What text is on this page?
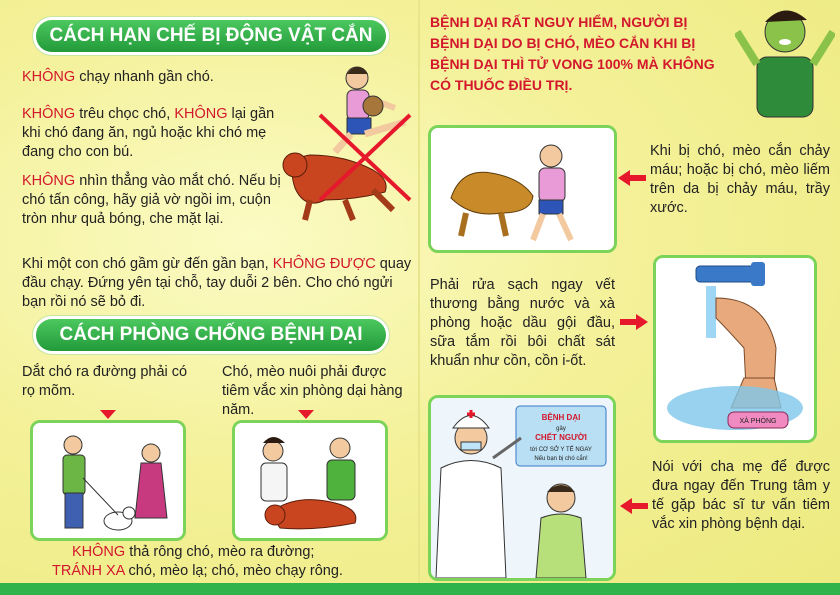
CÁCH HẠN CHẾ BỊ ĐỘNG VẬT CẮN
KHÔNG chạy nhanh gần chó.
KHÔNG trêu chọc chó, KHÔNG lại gần khi chó đang ăn, ngủ hoặc khi chó mẹ đang cho con bú.
KHÔNG nhìn thẳng vào mắt chó. Nếu bị chó tấn công, hãy giả vờ ngồi im, cuộn tròn như quả bóng, che mặt lại.
Khi một con chó gầm gừ đến gần bạn, KHÔNG ĐƯỢC quay đầu chạy. Đứng yên tại chỗ, tay duỗi 2 bên. Cho chó ngửi bạn rồi nó sẽ bỏ đi.
CÁCH PHÒNG CHỐNG BỆNH DẠI
Dắt chó ra đường phải có rọ mõm.
Chó, mèo nuôi phải được tiêm vắc xin phòng dại hàng năm.
KHÔNG thả rông chó, mèo ra đường;
TRÁNH XA chó, mèo lạ; chó, mèo chạy rông.
BỆNH DẠI RẤT NGUY HIỂM, NGƯỜI BỊ BỆNH DẠI DO BỊ CHÓ, MÈO CẮN KHI BỊ BỆNH DẠI THÌ TỬ VONG 100% MÀ KHÔNG CÓ THUỐC ĐIỀU TRỊ.
Khi bị chó, mèo cắn chảy máu; hoặc bị chó, mèo liếm trên da bị chảy máu, trầy xước.
Phải rửa sạch ngay vết thương bằng nước và xà phòng hoặc dầu gội đầu, sữa tắm rồi bôi chất sát khuẩn như cồn, cồn i-ốt.
XÀ PHÒNG
BỆNH DẠI
gây
CHẾT NGƯỜI
tới CƠ SỞ Y TẾ NGAY
Nếu bạn bị chó cắn!	Nói với cha mẹ để được đưa ngay đến Trung tâm y tế gặp bác sĩ tư vấn tiêm vắc xin phòng bệnh dại.
